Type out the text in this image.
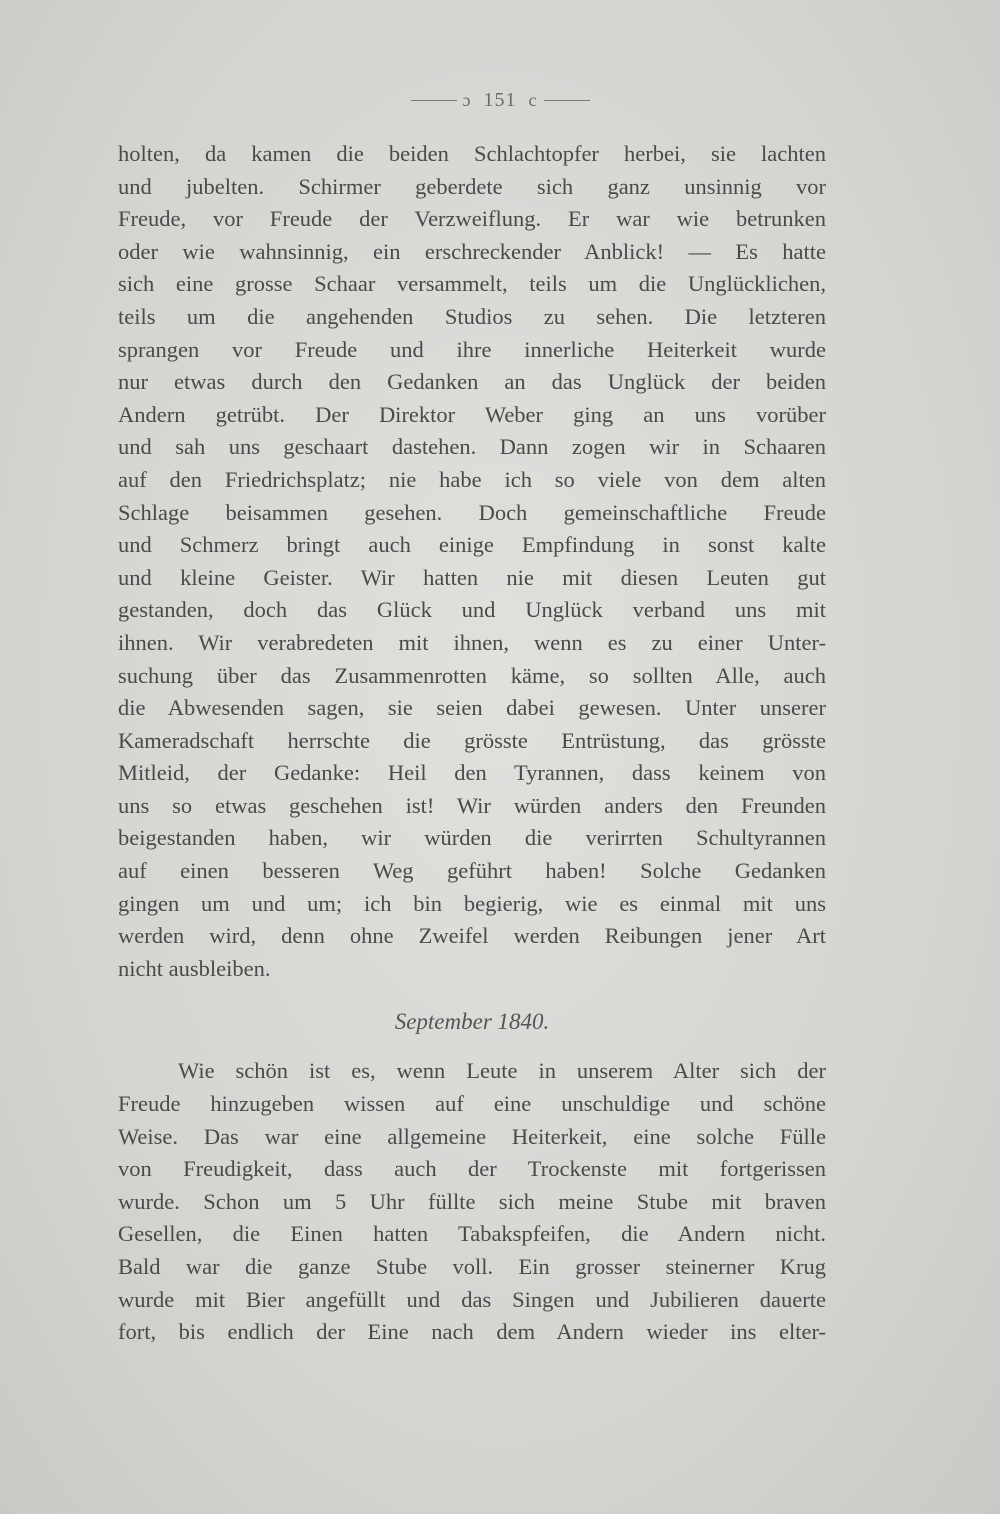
ɔ 151 c
holten, da kamen die beiden Schlachtopfer herbei, sie lachten
und jubelten. Schirmer geberdete sich ganz unsinnig vor
Freude, vor Freude der Verzweiflung. Er war wie betrunken
oder wie wahnsinnig, ein erschreckender Anblick! — Es hatte
sich eine grosse Schaar versammelt, teils um die Unglücklichen,
teils um die angehenden Studios zu sehen. Die letzteren
sprangen vor Freude und ihre innerliche Heiterkeit wurde
nur etwas durch den Gedanken an das Unglück der beiden
Andern getrübt. Der Direktor Weber ging an uns vorüber
und sah uns geschaart dastehen. Dann zogen wir in Schaaren
auf den Friedrichsplatz; nie habe ich so viele von dem alten
Schlage beisammen gesehen. Doch gemeinschaftliche Freude
und Schmerz bringt auch einige Empfindung in sonst kalte
und kleine Geister. Wir hatten nie mit diesen Leuten gut
gestanden, doch das Glück und Unglück verband uns mit
ihnen. Wir verabredeten mit ihnen, wenn es zu einer Unter-
suchung über das Zusammenrotten käme, so sollten Alle, auch
die Abwesenden sagen, sie seien dabei gewesen. Unter unserer
Kameradschaft herrschte die grösste Entrüstung, das grösste
Mitleid, der Gedanke: Heil den Tyrannen, dass keinem von
uns so etwas geschehen ist! Wir würden anders den Freunden
beigestanden haben, wir würden die verirrten Schultyrannen
auf einen besseren Weg geführt haben! Solche Gedanken
gingen um und um; ich bin begierig, wie es einmal mit uns
werden wird, denn ohne Zweifel werden Reibungen jener Art
nicht ausbleiben.
September 1840.
Wie schön ist es, wenn Leute in unserem Alter sich der
Freude hinzugeben wissen auf eine unschuldige und schöne
Weise. Das war eine allgemeine Heiterkeit, eine solche Fülle
von Freudigkeit, dass auch der Trockenste mit fortgerissen
wurde. Schon um 5 Uhr füllte sich meine Stube mit braven
Gesellen, die Einen hatten Tabakspfeifen, die Andern nicht.
Bald war die ganze Stube voll. Ein grosser steinerner Krug
wurde mit Bier angefüllt und das Singen und Jubilieren dauerte
fort, bis endlich der Eine nach dem Andern wieder ins elter-
